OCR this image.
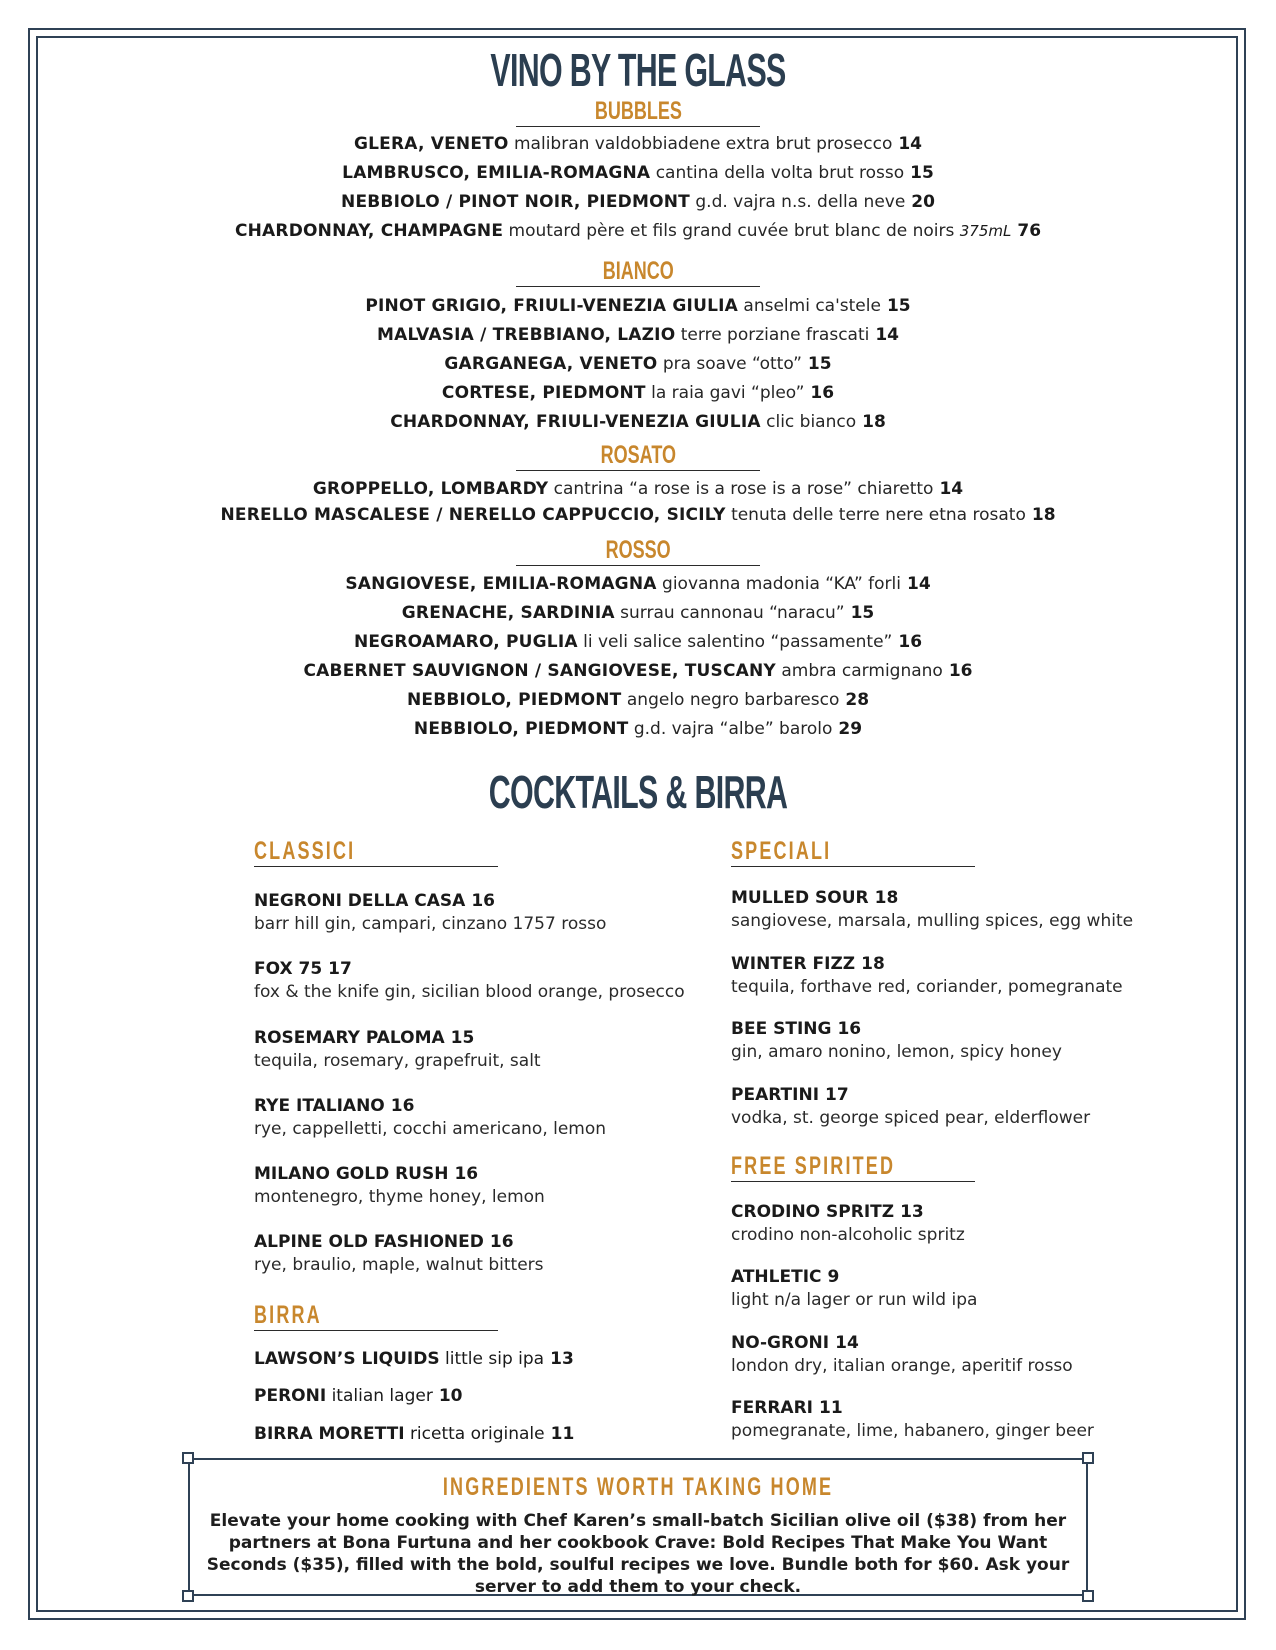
VINO BY THE GLASS
BUBBLES
GLERA, VENETO malibran valdobbiadene extra brut prosecco 14
LAMBRUSCO, EMILIA-ROMAGNA cantina della volta brut rosso 15
NEBBIOLO / PINOT NOIR, PIEDMONT g.d. vajra n.s. della neve 20
CHARDONNAY, CHAMPAGNE moutard père et fils grand cuvée brut blanc de noirs 375mL 76
BIANCO
PINOT GRIGIO, FRIULI-VENEZIA GIULIA anselmi ca'stele 15
MALVASIA / TREBBIANO, LAZIO terre porziane frascati 14
GARGANEGA, VENETO pra soave “otto” 15
CORTESE, PIEDMONT la raia gavi “pleo” 16
CHARDONNAY, FRIULI-VENEZIA GIULIA clic bianco 18
ROSATO
GROPPELLO, LOMBARDY cantrina “a rose is a rose is a rose” chiaretto 14
NERELLO MASCALESE / NERELLO CAPPUCCIO, SICILY tenuta delle terre nere etna rosato 18
ROSSO
SANGIOVESE, EMILIA-ROMAGNA giovanna madonia “KA” forli 14
GRENACHE, SARDINIA surrau cannonau “naracu” 15
NEGROAMARO, PUGLIA li veli salice salentino “passamente” 16
CABERNET SAUVIGNON / SANGIOVESE, TUSCANY ambra carmignano 16
NEBBIOLO, PIEDMONT angelo negro barbaresco 28
NEBBIOLO, PIEDMONT g.d. vajra “albe” barolo 29
COCKTAILS & BIRRA
CLASSICI
NEGRONI DELLA CASA 16
barr hill gin, campari, cinzano 1757 rosso
FOX 75 17
fox & the knife gin, sicilian blood orange, prosecco
ROSEMARY PALOMA 15
tequila, rosemary, grapefruit, salt
RYE ITALIANO 16
rye, cappelletti, cocchi americano, lemon
MILANO GOLD RUSH 16
montenegro, thyme honey, lemon
ALPINE OLD FASHIONED 16
rye, braulio, maple, walnut bitters
BIRRA
LAWSON’S LIQUIDS little sip ipa 13
PERONI italian lager 10
BIRRA MORETTI ricetta originale 11
SPECIALI
MULLED SOUR 18
sangiovese, marsala, mulling spices, egg white
WINTER FIZZ 18
tequila, forthave red, coriander, pomegranate
BEE STING 16
gin, amaro nonino, lemon, spicy honey
PEARTINI 17
vodka, st. george spiced pear, elderflower
FREE SPIRITED
CRODINO SPRITZ 13
crodino non-alcoholic spritz
ATHLETIC 9
light n/a lager or run wild ipa
NO-GRONI 14
london dry, italian orange, aperitif rosso
FERRARI 11
pomegranate, lime, habanero, ginger beer
INGREDIENTS WORTH TAKING HOME
Elevate your home cooking with Chef Karen’s small-batch Sicilian olive oil ($38) from her partners at Bona Furtuna and her cookbook Crave: Bold Recipes That Make You Want Seconds ($35), filled with the bold, soulful recipes we love. Bundle both for $60. Ask your server to add them to your check.
